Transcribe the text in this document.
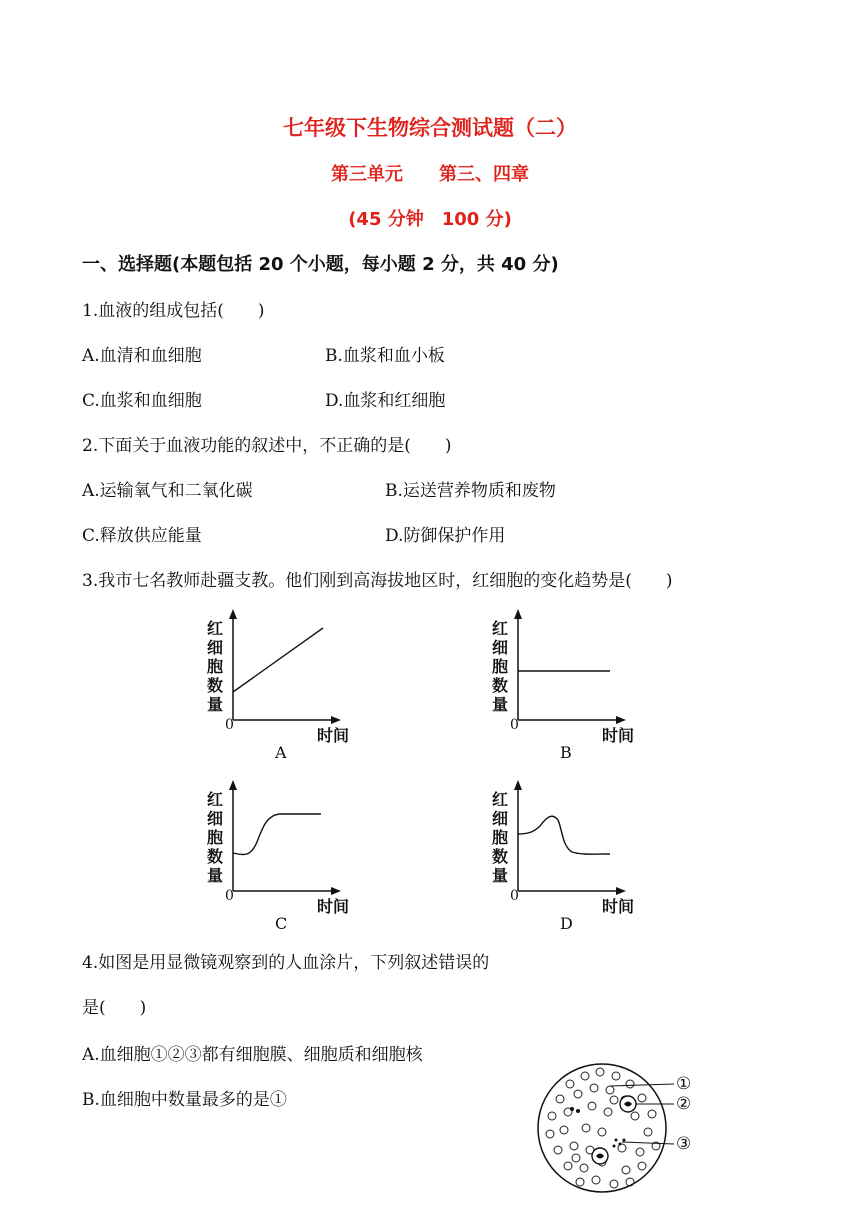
七年级下生物综合测试题（二）
第三单元　　第三、四章
(45 分钟　100 分)
一、选择题(本题包括 20 个小题，每小题 2 分，共 40 分)
1.血液的组成包括(　　)
A.血清和血细胞	B.血浆和血小板
C.血浆和血细胞	D.血浆和红细胞
2.下面关于血液功能的叙述中，不正确的是(　　)
A.运输氧气和二氧化碳	B.运送营养物质和废物
C.释放供应能量	D.防御保护作用
3.我市七名教师赴疆支教。他们刚到高海拔地区时，红细胞的变化趋势是(　　)
红
细
胞
数
量
0
时间
A
红
细
胞
数
量
0
时间
B
红
细
胞
数
量
0
时间
C
红
细
胞
数
量
0
时间
D
4.如图是用显微镜观察到的人血涂片，下列叙述错误的
是(　　)
A.血细胞①②③都有细胞膜、细胞质和细胞核
B.血细胞中数量最多的是①
①
②
③
